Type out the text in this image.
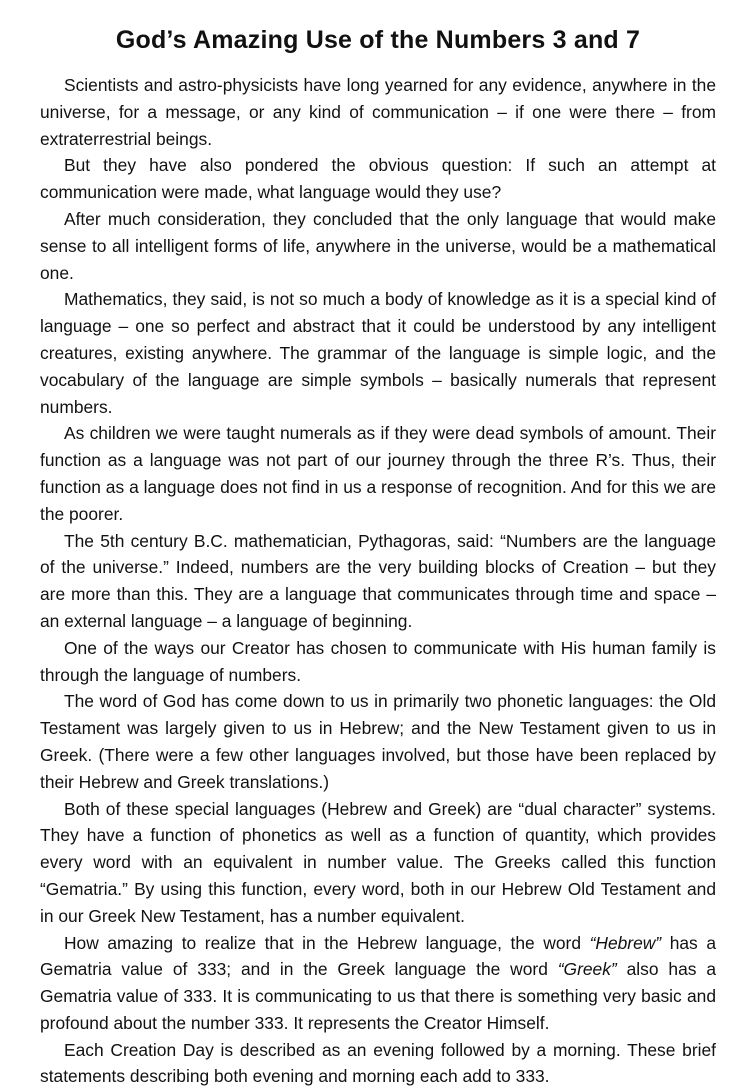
God’s Amazing Use of the Numbers 3 and 7

Scientists and astro-physicists have long yearned for any evidence, anywhere in the universe, for a message, or any kind of communication – if one were there – from extraterrestrial beings.

But they have also pondered the obvious question: If such an attempt at communication were made, what language would they use?

After much consideration, they concluded that the only language that would make sense to all intelligent forms of life, anywhere in the universe, would be a mathematical one.

Mathematics, they said, is not so much a body of knowledge as it is a special kind of language – one so perfect and abstract that it could be understood by any intelligent creatures, existing anywhere. The grammar of the language is simple logic, and the vocabulary of the language are simple symbols – basically numerals that represent numbers.

As children we were taught numerals as if they were dead symbols of amount. Their function as a language was not part of our journey through the three R’s. Thus, their function as a language does not find in us a response of recognition. And for this we are the poorer.

The 5th century B.C. mathematician, Pythagoras, said: “Numbers are the language of the universe.” Indeed, numbers are the very building blocks of Creation – but they are more than this. They are a language that communicates through time and space – an external language – a language of beginning.

One of the ways our Creator has chosen to communicate with His human family is through the language of numbers.

The word of God has come down to us in primarily two phonetic languages: the Old Testament was largely given to us in Hebrew; and the New Testament given to us in Greek. (There were a few other languages involved, but those have been replaced by their Hebrew and Greek translations.)

Both of these special languages (Hebrew and Greek) are “dual character” systems. They have a function of phonetics as well as a function of quantity, which provides every word with an equivalent in number value. The Greeks called this function “Gematria.” By using this function, every word, both in our Hebrew Old Testament and in our Greek New Testament, has a number equivalent.

How amazing to realize that in the Hebrew language, the word “Hebrew” has a Gematria value of 333; and in the Greek language the word “Greek” also has a Gematria value of 333. It is communicating to us that there is something very basic and profound about the number 333. It represents the Creator Himself.

Each Creation Day is described as an evening followed by a morning. These brief statements describing both evening and morning each add to 333.
